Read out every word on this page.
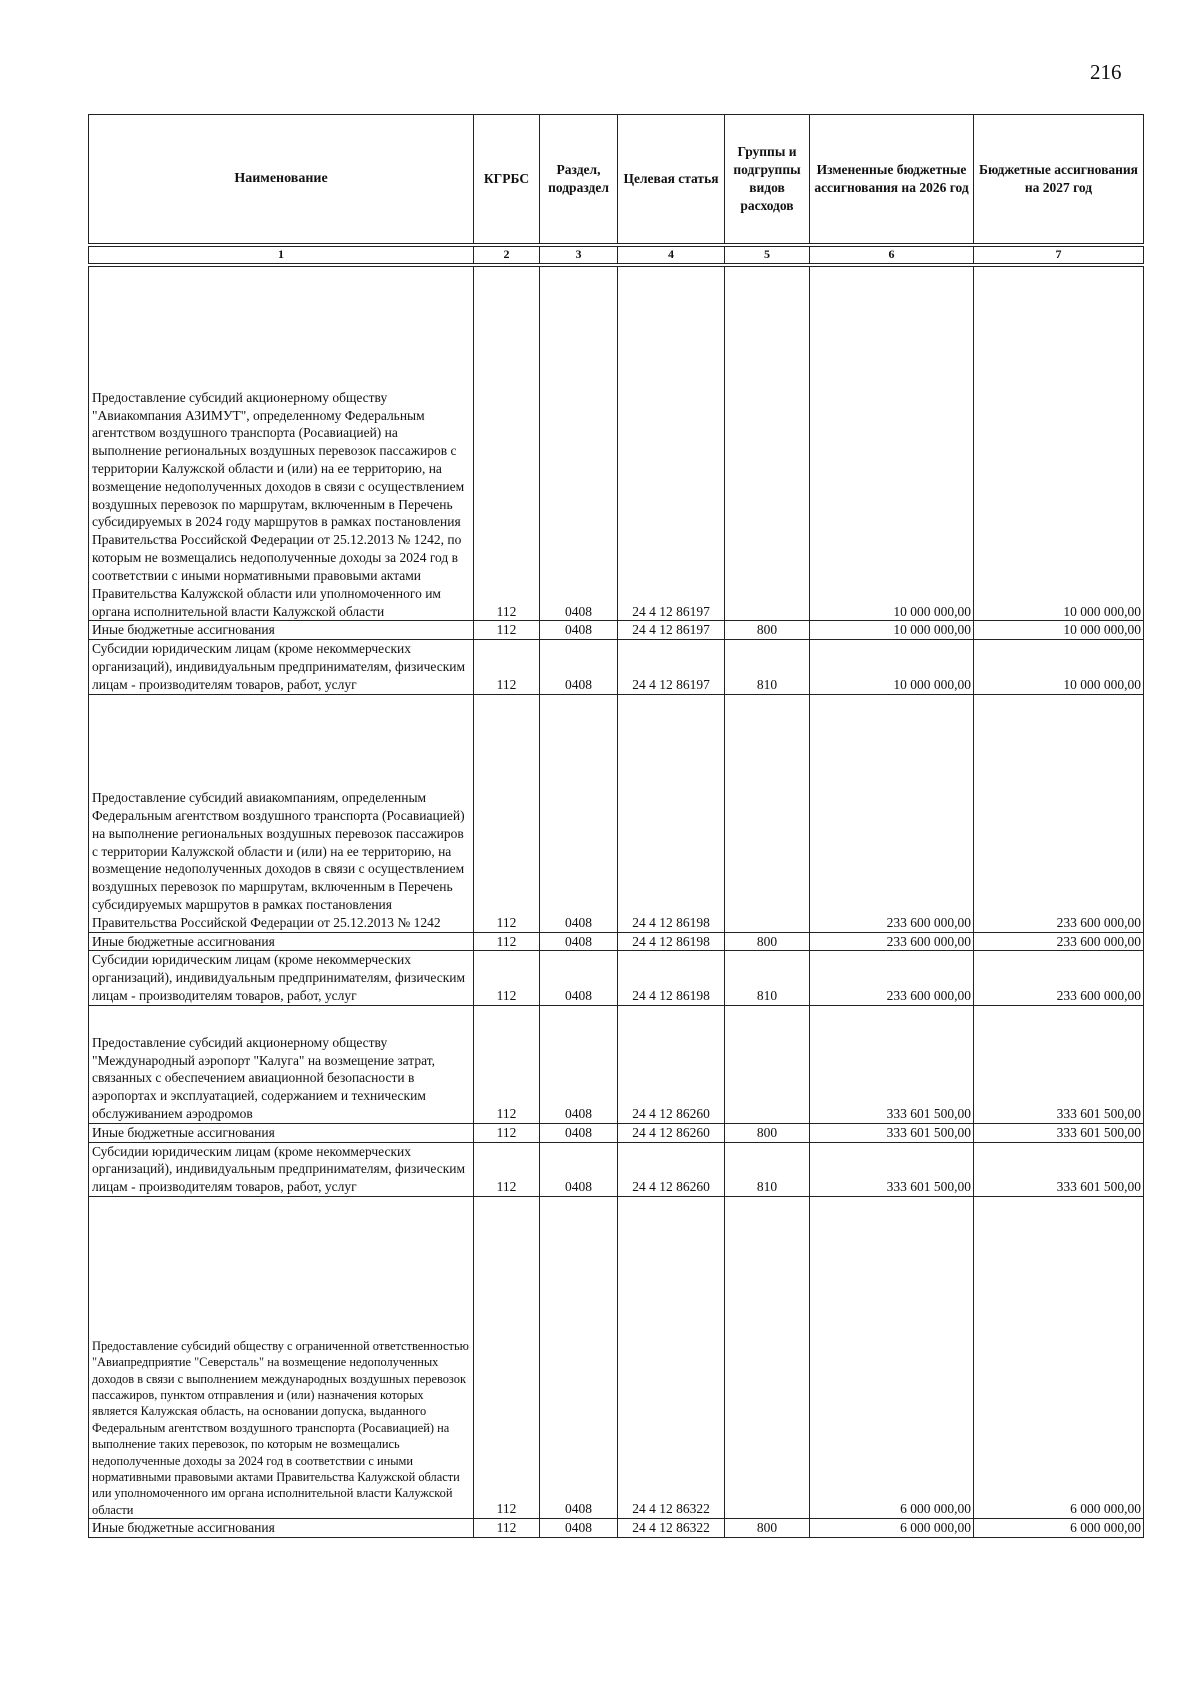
216
Наименование	КГРБС	Раздел, подраздел	Целевая статья	Группы и подгруппы видов расходов	Измененные бюджетные ассигнования на 2026 год	Бюджетные ассигнования на 2027 год
1	2	3	4	5	6	7
Предоставление субсидий акционерному обществу "Авиакомпания АЗИМУТ", определенному Федеральным агентством воздушного транспорта (Росавиацией) на выполнение региональных воздушных перевозок пассажиров с территории Калужской области и (или) на ее территорию, на возмещение недополученных доходов в связи с осуществлением воздушных перевозок по маршрутам, включенным в Перечень субсидируемых в 2024 году маршрутов в рамках постановления Правительства Российской Федерации от 25.12.2013 № 1242, по которым не возмещались недополученные доходы за 2024 год в соответствии с иными нормативными правовыми актами Правительства Калужской области или уполномоченного им органа исполнительной власти Калужской области	112	0408	24 4 12 86197		10 000 000,00	10 000 000,00
Иные бюджетные ассигнования	112	0408	24 4 12 86197	800	10 000 000,00	10 000 000,00
Субсидии юридическим лицам (кроме некоммерческих организаций), индивидуальным предпринимателям, физическим лицам - производителям товаров, работ, услуг	112	0408	24 4 12 86197	810	10 000 000,00	10 000 000,00
Предоставление субсидий авиакомпаниям, определенным Федеральным агентством воздушного транспорта (Росавиацией) на выполнение региональных воздушных перевозок пассажиров с территории Калужской области и (или) на ее территорию, на возмещение недополученных доходов в связи с осуществлением воздушных перевозок по маршрутам, включенным в Перечень субсидируемых маршрутов в рамках постановления Правительства Российской Федерации от 25.12.2013 № 1242	112	0408	24 4 12 86198		233 600 000,00	233 600 000,00
Иные бюджетные ассигнования	112	0408	24 4 12 86198	800	233 600 000,00	233 600 000,00
Субсидии юридическим лицам (кроме некоммерческих организаций), индивидуальным предпринимателям, физическим лицам - производителям товаров, работ, услуг	112	0408	24 4 12 86198	810	233 600 000,00	233 600 000,00
Предоставление субсидий акционерному обществу "Международный аэропорт "Калуга" на возмещение затрат, связанных с обеспечением авиационной безопасности в аэропортах и эксплуатацией, содержанием и техническим обслуживанием аэродромов	112	0408	24 4 12 86260		333 601 500,00	333 601 500,00
Иные бюджетные ассигнования	112	0408	24 4 12 86260	800	333 601 500,00	333 601 500,00
Субсидии юридическим лицам (кроме некоммерческих организаций), индивидуальным предпринимателям, физическим лицам - производителям товаров, работ, услуг	112	0408	24 4 12 86260	810	333 601 500,00	333 601 500,00
Предоставление субсидий обществу с ограниченной ответственностью "Авиапредприятие "Северсталь" на возмещение недополученных доходов в связи с выполнением международных воздушных перевозок пассажиров, пунктом отправления и (или) назначения которых является Калужская область, на основании допуска, выданного Федеральным агентством воздушного транспорта (Росавиацией) на выполнение таких перевозок, по которым не возмещались недополученные доходы за 2024 год в соответствии с иными нормативными правовыми актами Правительства Калужской области или уполномоченного им органа исполнительной власти Калужской области	112	0408	24 4 12 86322		6 000 000,00	6 000 000,00
Иные бюджетные ассигнования	112	0408	24 4 12 86322	800	6 000 000,00	6 000 000,00
